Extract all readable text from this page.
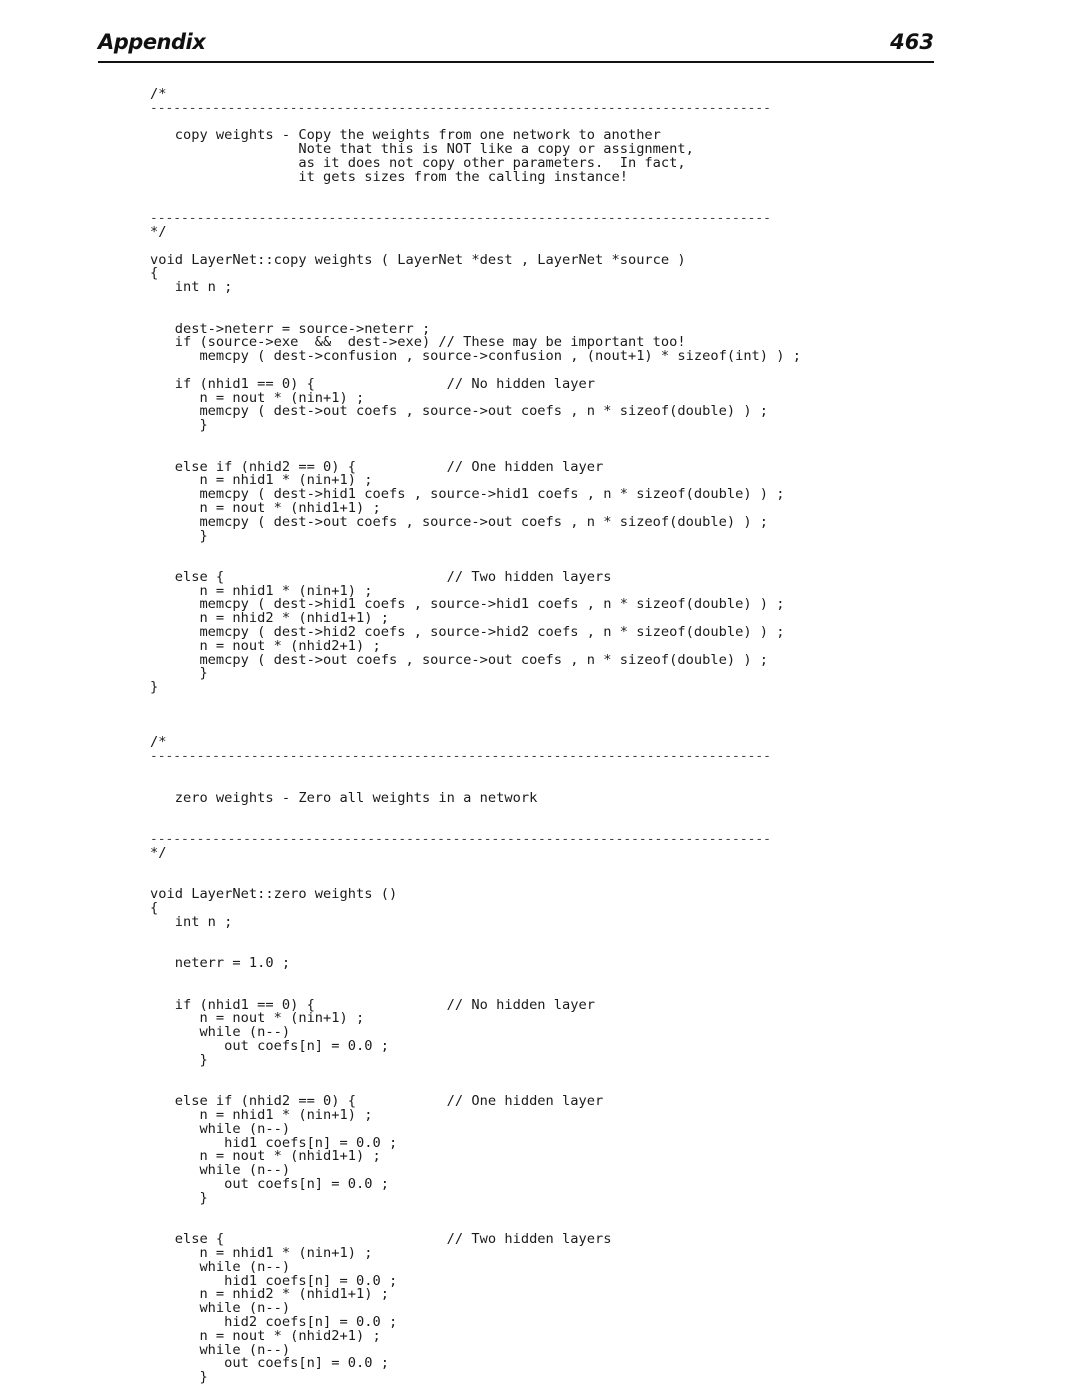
Appendix	463
/*
--------------------------------------------------------------------------------
copy weights - Copy the weights from one network to another
Note that this is NOT like a copy or assignment,
as it does not copy other parameters.  In fact,
it gets sizes from the calling instance!
--------------------------------------------------------------------------------
*/
void LayerNet::copy weights ( LayerNet *dest , LayerNet *source )
{
int n ;
dest->neterr = source->neterr ;
if (source->exe  &&  dest->exe) // These may be important too!
memcpy ( dest->confusion , source->confusion , (nout+1) * sizeof(int) ) ;
if (nhid1 == 0) {                // No hidden layer
n = nout * (nin+1) ;
memcpy ( dest->out coefs , source->out coefs , n * sizeof(double) ) ;
}
else if (nhid2 == 0) {           // One hidden layer
n = nhid1 * (nin+1) ;
memcpy ( dest->hid1 coefs , source->hid1 coefs , n * sizeof(double) ) ;
n = nout * (nhid1+1) ;
memcpy ( dest->out coefs , source->out coefs , n * sizeof(double) ) ;
}
else {                           // Two hidden layers
n = nhid1 * (nin+1) ;
memcpy ( dest->hid1 coefs , source->hid1 coefs , n * sizeof(double) ) ;
n = nhid2 * (nhid1+1) ;
memcpy ( dest->hid2 coefs , source->hid2 coefs , n * sizeof(double) ) ;
n = nout * (nhid2+1) ;
memcpy ( dest->out coefs , source->out coefs , n * sizeof(double) ) ;
}
}
/*
--------------------------------------------------------------------------------
zero weights - Zero all weights in a network
--------------------------------------------------------------------------------
*/
void LayerNet::zero weights ()
{
int n ;
neterr = 1.0 ;
if (nhid1 == 0) {                // No hidden layer
n = nout * (nin+1) ;
while (n--)
out coefs[n] = 0.0 ;
}
else if (nhid2 == 0) {           // One hidden layer
n = nhid1 * (nin+1) ;
while (n--)
hid1 coefs[n] = 0.0 ;
n = nout * (nhid1+1) ;
while (n--)
out coefs[n] = 0.0 ;
}
else {                           // Two hidden layers
n = nhid1 * (nin+1) ;
while (n--)
hid1 coefs[n] = 0.0 ;
n = nhid2 * (nhid1+1) ;
while (n--)
hid2 coefs[n] = 0.0 ;
n = nout * (nhid2+1) ;
while (n--)
out coefs[n] = 0.0 ;
}
